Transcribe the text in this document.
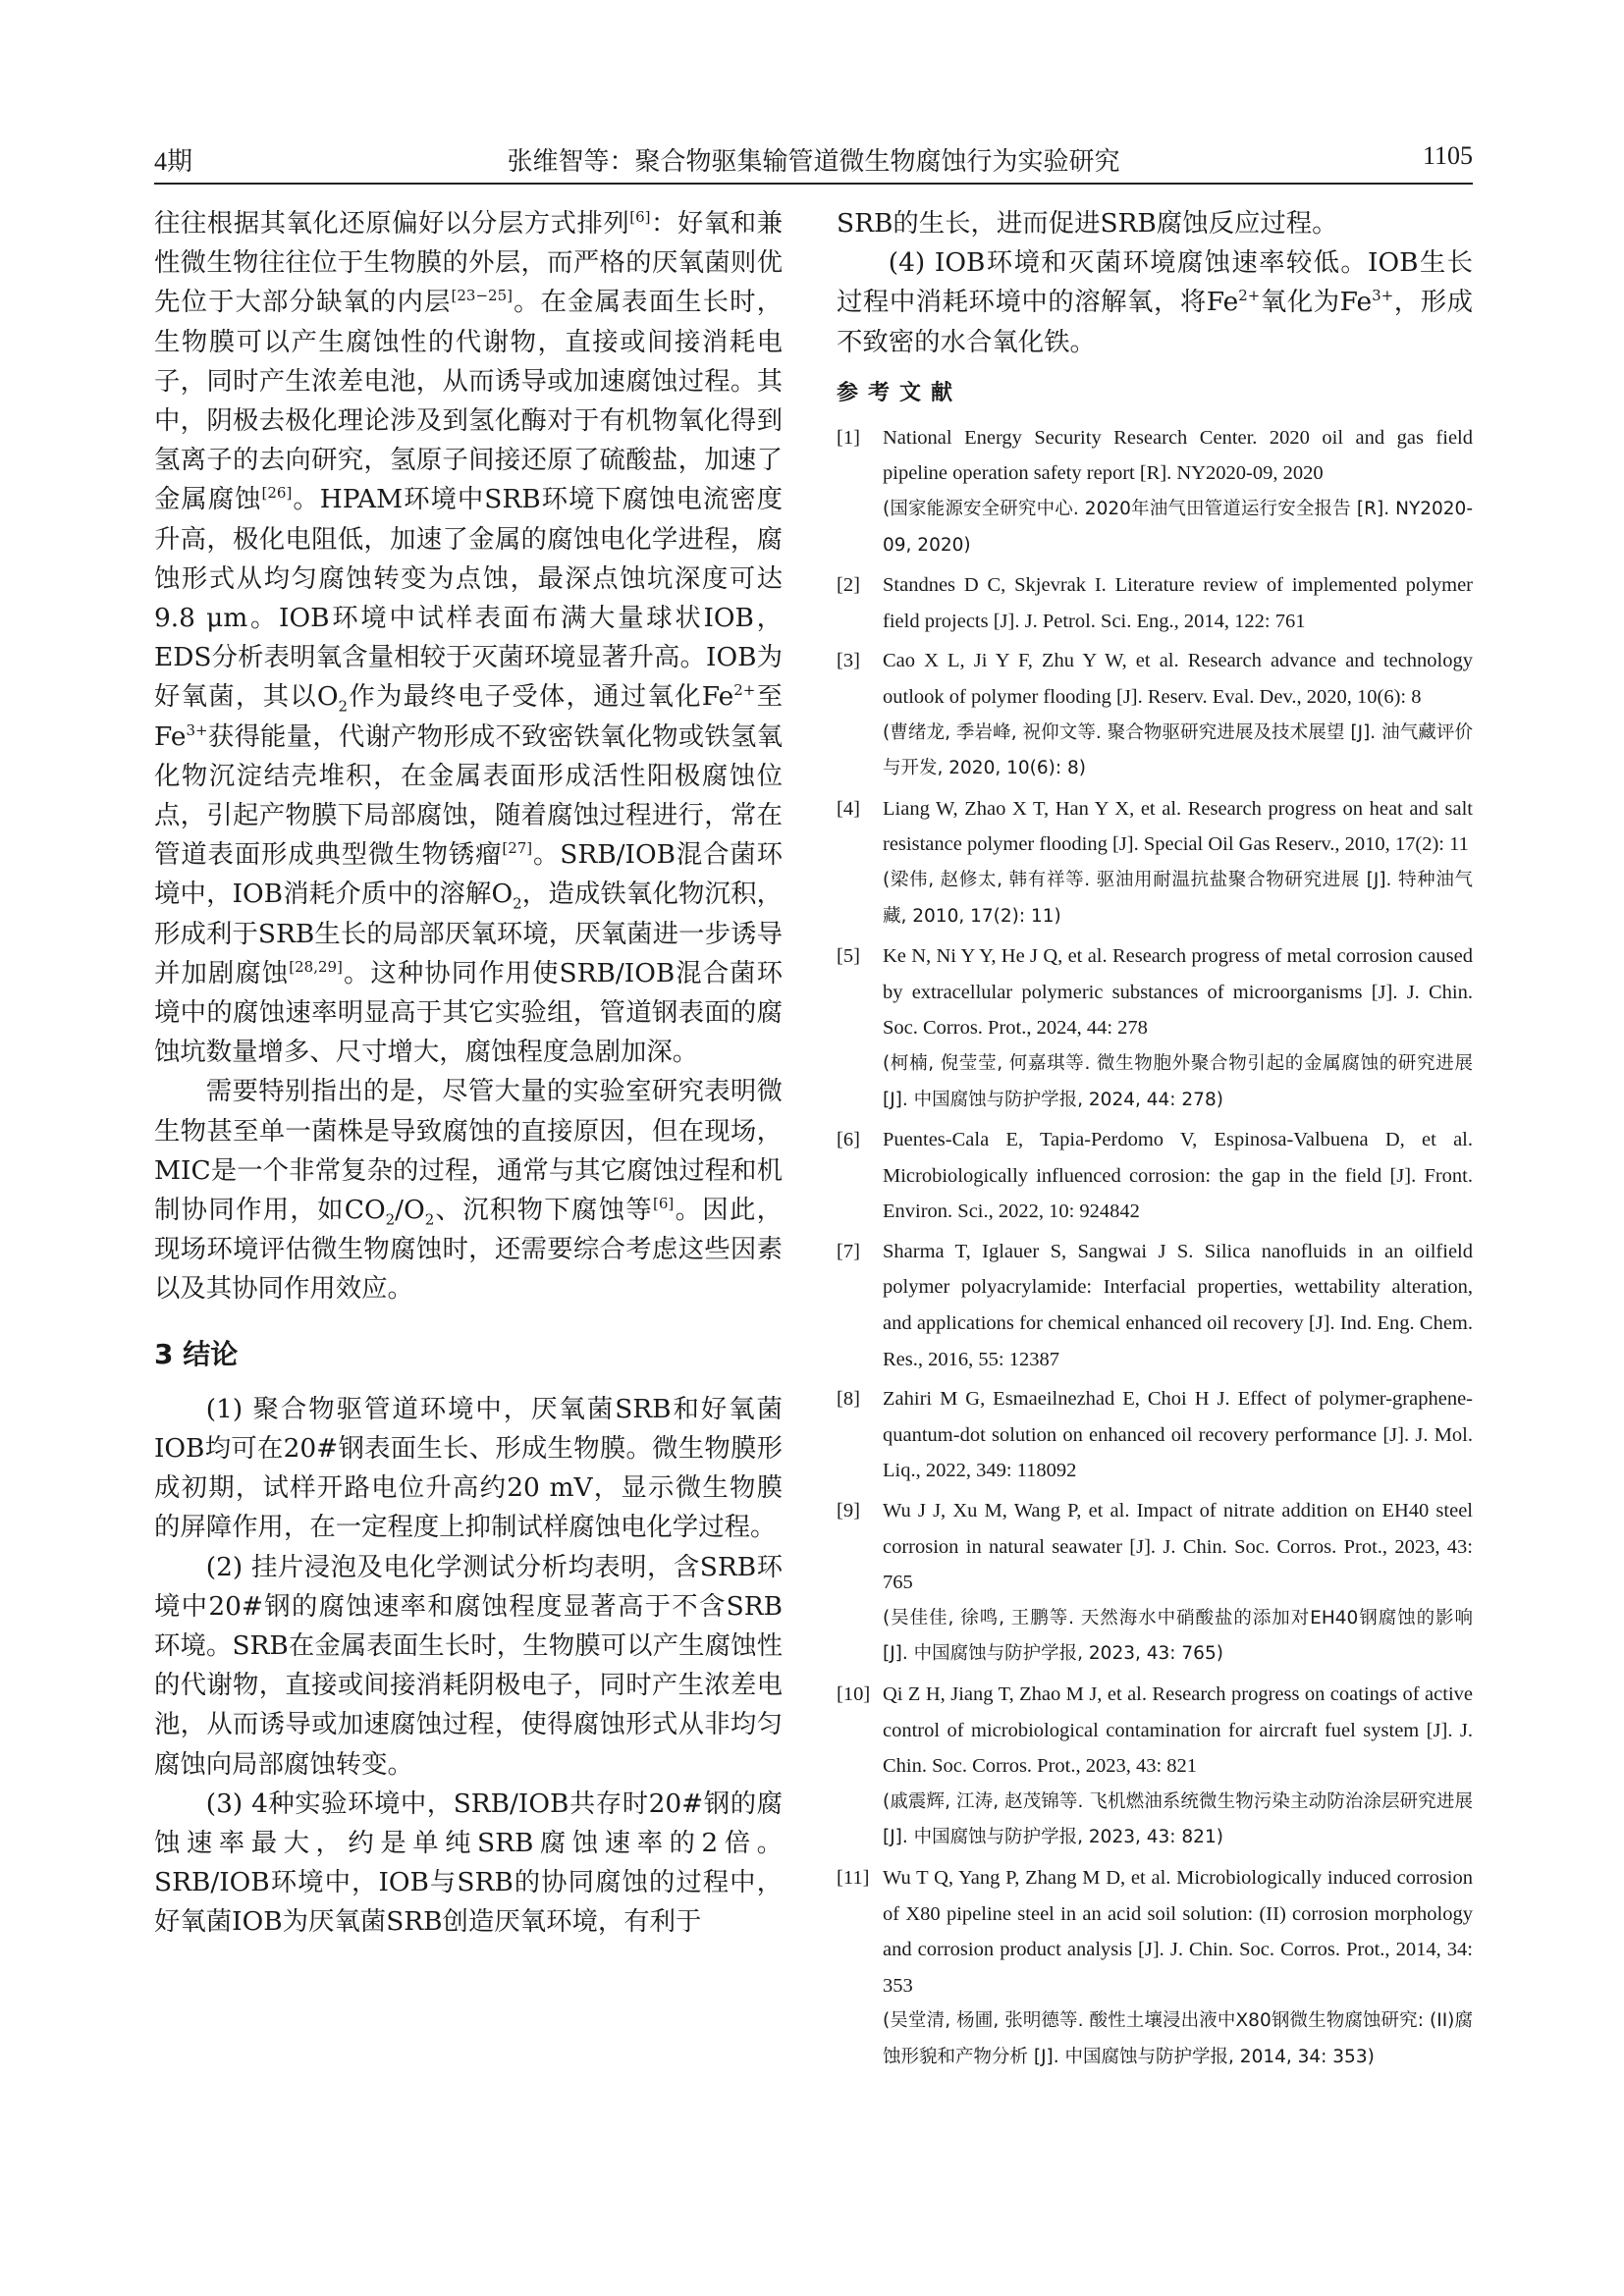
4期	张维智等：聚合物驱集输管道微生物腐蚀行为实验研究	1105

往往根据其氧化还原偏好以分层方式排列[6]：好氧和兼性微生物往往位于生物膜的外层，而严格的厌氧菌则优先位于大部分缺氧的内层[23−25]。在金属表面生长时，生物膜可以产生腐蚀性的代谢物，直接或间接消耗电子，同时产生浓差电池，从而诱导或加速腐蚀过程。其中，阴极去极化理论涉及到氢化酶对于有机物氧化得到氢离子的去向研究，氢原子间接还原了硫酸盐，加速了金属腐蚀[26]。HPAM环境中SRB环境下腐蚀电流密度升高，极化电阻低，加速了金属的腐蚀电化学进程，腐蚀形式从均匀腐蚀转变为点蚀，最深点蚀坑深度可达9.8 μm。IOB环境中试样表面布满大量球状IOB，EDS分析表明氧含量相较于灭菌环境显著升高。IOB为好氧菌，其以$O_2$作为最终电子受体，通过氧化$Fe^{2+}$至$Fe^{3+}$获得能量，代谢产物形成不致密铁氧化物或铁氢氧化物沉淀结壳堆积，在金属表面形成活性阳极腐蚀位点，引起产物膜下局部腐蚀，随着腐蚀过程进行，常在管道表面形成典型微生物锈瘤[27]。SRB/IOB混合菌环境中，IOB消耗介质中的溶解$O_2$，造成铁氧化物沉积，形成利于SRB生长的局部厌氧环境，厌氧菌进一步诱导并加剧腐蚀[28,29]。这种协同作用使SRB/IOB混合菌环境中的腐蚀速率明显高于其它实验组，管道钢表面的腐蚀坑数量增多、尺寸增大，腐蚀程度急剧加深。

需要特别指出的是，尽管大量的实验室研究表明微生物甚至单一菌株是导致腐蚀的直接原因，但在现场，MIC是一个非常复杂的过程，通常与其它腐蚀过程和机制协同作用，如$CO_2/O_2$、沉积物下腐蚀等[6]。因此，现场环境评估微生物腐蚀时，还需要综合考虑这些因素以及其协同作用效应。

3 结论

(1) 聚合物驱管道环境中，厌氧菌SRB和好氧菌IOB均可在20#钢表面生长、形成生物膜。微生物膜形成初期，试样开路电位升高约20 mV，显示微生物膜的屏障作用，在一定程度上抑制试样腐蚀电化学过程。

(2) 挂片浸泡及电化学测试分析均表明，含SRB环境中20#钢的腐蚀速率和腐蚀程度显著高于不含SRB环境。SRB在金属表面生长时，生物膜可以产生腐蚀性的代谢物，直接或间接消耗阴极电子，同时产生浓差电池，从而诱导或加速腐蚀过程，使得腐蚀形式从非均匀腐蚀向局部腐蚀转变。

(3) 4种实验环境中，SRB/IOB共存时20#钢的腐蚀速率最大，约是单纯SRB腐蚀速率的2倍。SRB/IOB环境中，IOB与SRB的协同腐蚀的过程中，好氧菌IOB为厌氧菌SRB创造厌氧环境，有利于

SRB的生长，进而促进SRB腐蚀反应过程。

(4) IOB环境和灭菌环境腐蚀速率较低。IOB生长过程中消耗环境中的溶解氧，将$Fe^{2+}$氧化为$Fe^{3+}$，形成不致密的水合氧化铁。

参考文献
[1] National Energy Security Research Center. 2020 oil and gas field pipeline operation safety report [R]. NY2020-09, 2020
(国家能源安全研究中心. 2020年油气田管道运行安全报告 [R]. NY2020-09, 2020)
[2] Standnes D C, Skjevrak I. Literature review of implemented polymer field projects [J]. J. Petrol. Sci. Eng., 2014, 122: 761
[3] Cao X L, Ji Y F, Zhu Y W, et al. Research advance and technology outlook of polymer flooding [J]. Reserv. Eval. Dev., 2020, 10(6): 8
(曹绪龙, 季岩峰, 祝仰文等. 聚合物驱研究进展及技术展望 [J]. 油气藏评价与开发, 2020, 10(6): 8)
[4] Liang W, Zhao X T, Han Y X, et al. Research progress on heat and salt resistance polymer flooding [J]. Special Oil Gas Reserv., 2010, 17(2): 11
(梁伟, 赵修太, 韩有祥等. 驱油用耐温抗盐聚合物研究进展 [J]. 特种油气藏, 2010, 17(2): 11)
[5] Ke N, Ni Y Y, He J Q, et al. Research progress of metal corrosion caused by extracellular polymeric substances of microorganisms [J]. J. Chin. Soc. Corros. Prot., 2024, 44: 278
(柯楠, 倪莹莹, 何嘉琪等. 微生物胞外聚合物引起的金属腐蚀的研究进展 [J]. 中国腐蚀与防护学报, 2024, 44: 278)
[6] Puentes-Cala E, Tapia-Perdomo V, Espinosa-Valbuena D, et al. Microbiologically influenced corrosion: the gap in the field [J]. Front. Environ. Sci., 2022, 10: 924842
[7] Sharma T, Iglauer S, Sangwai J S. Silica nanofluids in an oilfield polymer polyacrylamide: Interfacial properties, wettability alteration, and applications for chemical enhanced oil recovery [J]. Ind. Eng. Chem. Res., 2016, 55: 12387
[8] Zahiri M G, Esmaeilnezhad E, Choi H J. Effect of polymer-graphene-quantum-dot solution on enhanced oil recovery performance [J]. J. Mol. Liq., 2022, 349: 118092
[9] Wu J J, Xu M, Wang P, et al. Impact of nitrate addition on EH40 steel corrosion in natural seawater [J]. J. Chin. Soc. Corros. Prot., 2023, 43: 765
(吴佳佳, 徐鸣, 王鹏等. 天然海水中硝酸盐的添加对EH40钢腐蚀的影响 [J]. 中国腐蚀与防护学报, 2023, 43: 765)
[10] Qi Z H, Jiang T, Zhao M J, et al. Research progress on coatings of active control of microbiological contamination for aircraft fuel system [J]. J. Chin. Soc. Corros. Prot., 2023, 43: 821
(戚震辉, 江涛, 赵茂锦等. 飞机燃油系统微生物污染主动防治涂层研究进展 [J]. 中国腐蚀与防护学报, 2023, 43: 821)
[11] Wu T Q, Yang P, Zhang M D, et al. Microbiologically induced corrosion of X80 pipeline steel in an acid soil solution: (II) corrosion morphology and corrosion product analysis [J]. J. Chin. Soc. Corros. Prot., 2014, 34: 353
(吴堂清, 杨圃, 张明德等. 酸性土壤浸出液中X80钢微生物腐蚀研究: (II)腐蚀形貌和产物分析 [J]. 中国腐蚀与防护学报, 2014, 34: 353)
